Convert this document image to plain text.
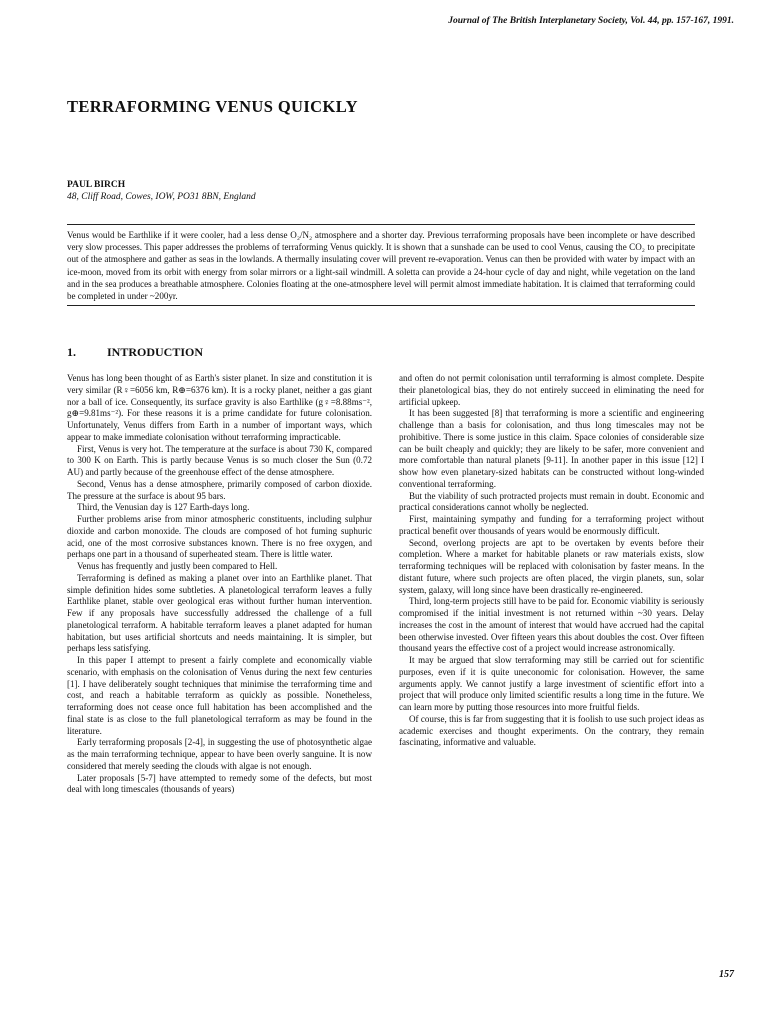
Journal of The British Interplanetary Society, Vol. 44, pp. 157-167, 1991.
TERRAFORMING VENUS QUICKLY
PAUL BIRCH
48, Cliff Road, Cowes, IOW, PO31 8BN, England

Venus would be Earthlike if it were cooler, had a less dense O₂/N₂ atmosphere and a shorter day. Previous terraforming proposals have been incomplete or have described very slow processes. This paper addresses the problems of terraforming Venus quickly. It is shown that a sunshade can be used to cool Venus, causing the CO₂ to precipitate out of the atmosphere and gather as seas in the lowlands. A thermally insulating cover will prevent re-evaporation. Venus can then be provided with water by impact with an ice-moon, moved from its orbit with energy from solar mirrors or a light-sail windmill. A soletta can provide a 24-hour cycle of day and night, while vegetation on the land and in the sea produces a breathable atmosphere. Colonies floating at the one-atmosphere level will permit almost immediate habitation. It is claimed that terraforming could be completed in under ~200yr.

1.	INTRODUCTION

Venus has long been thought of as Earth's sister planet. In size and constitution it is very similar (R♀=6056 km, R⊕=6376 km). It is a rocky planet, neither a gas giant nor a ball of ice. Consequently, its surface gravity is also Earthlike (g♀=8.88ms⁻², g⊕=9.81ms⁻²). For these reasons it is a prime candidate for future colonisation. Unfortunately, Venus differs from Earth in a number of important ways, which appear to make immediate colonisation without terraforming impracticable.

First, Venus is very hot. The temperature at the surface is about 730 K, compared to 300 K on Earth. This is partly because Venus is so much closer the Sun (0.72 AU) and partly because of the greenhouse effect of the dense atmosphere.

Second, Venus has a dense atmosphere, primarily composed of carbon dioxide. The pressure at the surface is about 95 bars.

Third, the Venusian day is 127 Earth-days long.

Further problems arise from minor atmospheric constituents, including sulphur dioxide and carbon monoxide. The clouds are composed of hot fuming suphuric acid, one of the most corrosive substances known. There is no free oxygen, and perhaps one part in a thousand of superheated steam. There is little water.

Venus has frequently and justly been compared to Hell.

Terraforming is defined as making a planet over into an Earthlike planet. That simple definition hides some subtleties. A planetological terraform leaves a fully Earthlike planet, stable over geological eras without further human intervention. Few if any proposals have successfully addressed the challenge of a full planetological terraform. A habitable terraform leaves a planet adapted for human habitation, but uses artificial shortcuts and needs maintaining. It is simpler, but perhaps less satisfying.

In this paper I attempt to present a fairly complete and economically viable scenario, with emphasis on the colonisation of Venus during the next few centuries [1]. I have deliberately sought techniques that minimise the terraforming time and cost, and reach a habitable terraform as quickly as possible. Nonetheless, terraforming does not cease once full habitation has been accomplished and the final state is as close to the full planetological terraform as may be found in the literature.

Early terraforming proposals [2-4], in suggesting the use of photosynthetic algae as the main terraforming technique, appear to have been overly sanguine. It is now considered that merely seeding the clouds with algae is not enough.

Later proposals [5-7] have attempted to remedy some of the defects, but most deal with long timescales (thousands of years)

and often do not permit colonisation until terraforming is almost complete. Despite their planetological bias, they do not entirely succeed in eliminating the need for artificial upkeep.

It has been suggested [8] that terraforming is more a scientific and engineering challenge than a basis for colonisation, and thus long timescales may not be prohibitive. There is some justice in this claim. Space colonies of considerable size can be built cheaply and quickly; they are likely to be safer, more convenient and more comfortable than natural planets [9-11]. In another paper in this issue [12] I show how even planetary-sized habitats can be constructed without long-winded conventional terraforming.

But the viability of such protracted projects must remain in doubt. Economic and practical considerations cannot wholly be neglected.

First, maintaining sympathy and funding for a terraforming project without practical benefit over thousands of years would be enormously difficult.

Second, overlong projects are apt to be overtaken by events before their completion. Where a market for habitable planets or raw materials exists, slow terraforming techniques will be replaced with colonisation by faster means. In the distant future, where such projects are often placed, the virgin planets, sun, solar system, galaxy, will long since have been drastically re-engineered.

Third, long-term projects still have to be paid for. Economic viability is seriously compromised if the initial investment is not returned within ~30 years. Delay increases the cost in the amount of interest that would have accrued had the capital been otherwise invested. Over fifteen years this about doubles the cost. Over fifteen thousand years the effective cost of a project would increase astronomically.

It may be argued that slow terraforming may still be carried out for scientific purposes, even if it is quite uneconomic for colonisation. However, the same arguments apply. We cannot justify a large investment of scientific effort into a project that will produce only limited scientific results a long time in the future. We can learn more by putting those resources into more fruitful fields.

Of course, this is far from suggesting that it is foolish to use such project ideas as academic exercises and thought experiments. On the contrary, they remain fascinating, informative and valuable.

157
